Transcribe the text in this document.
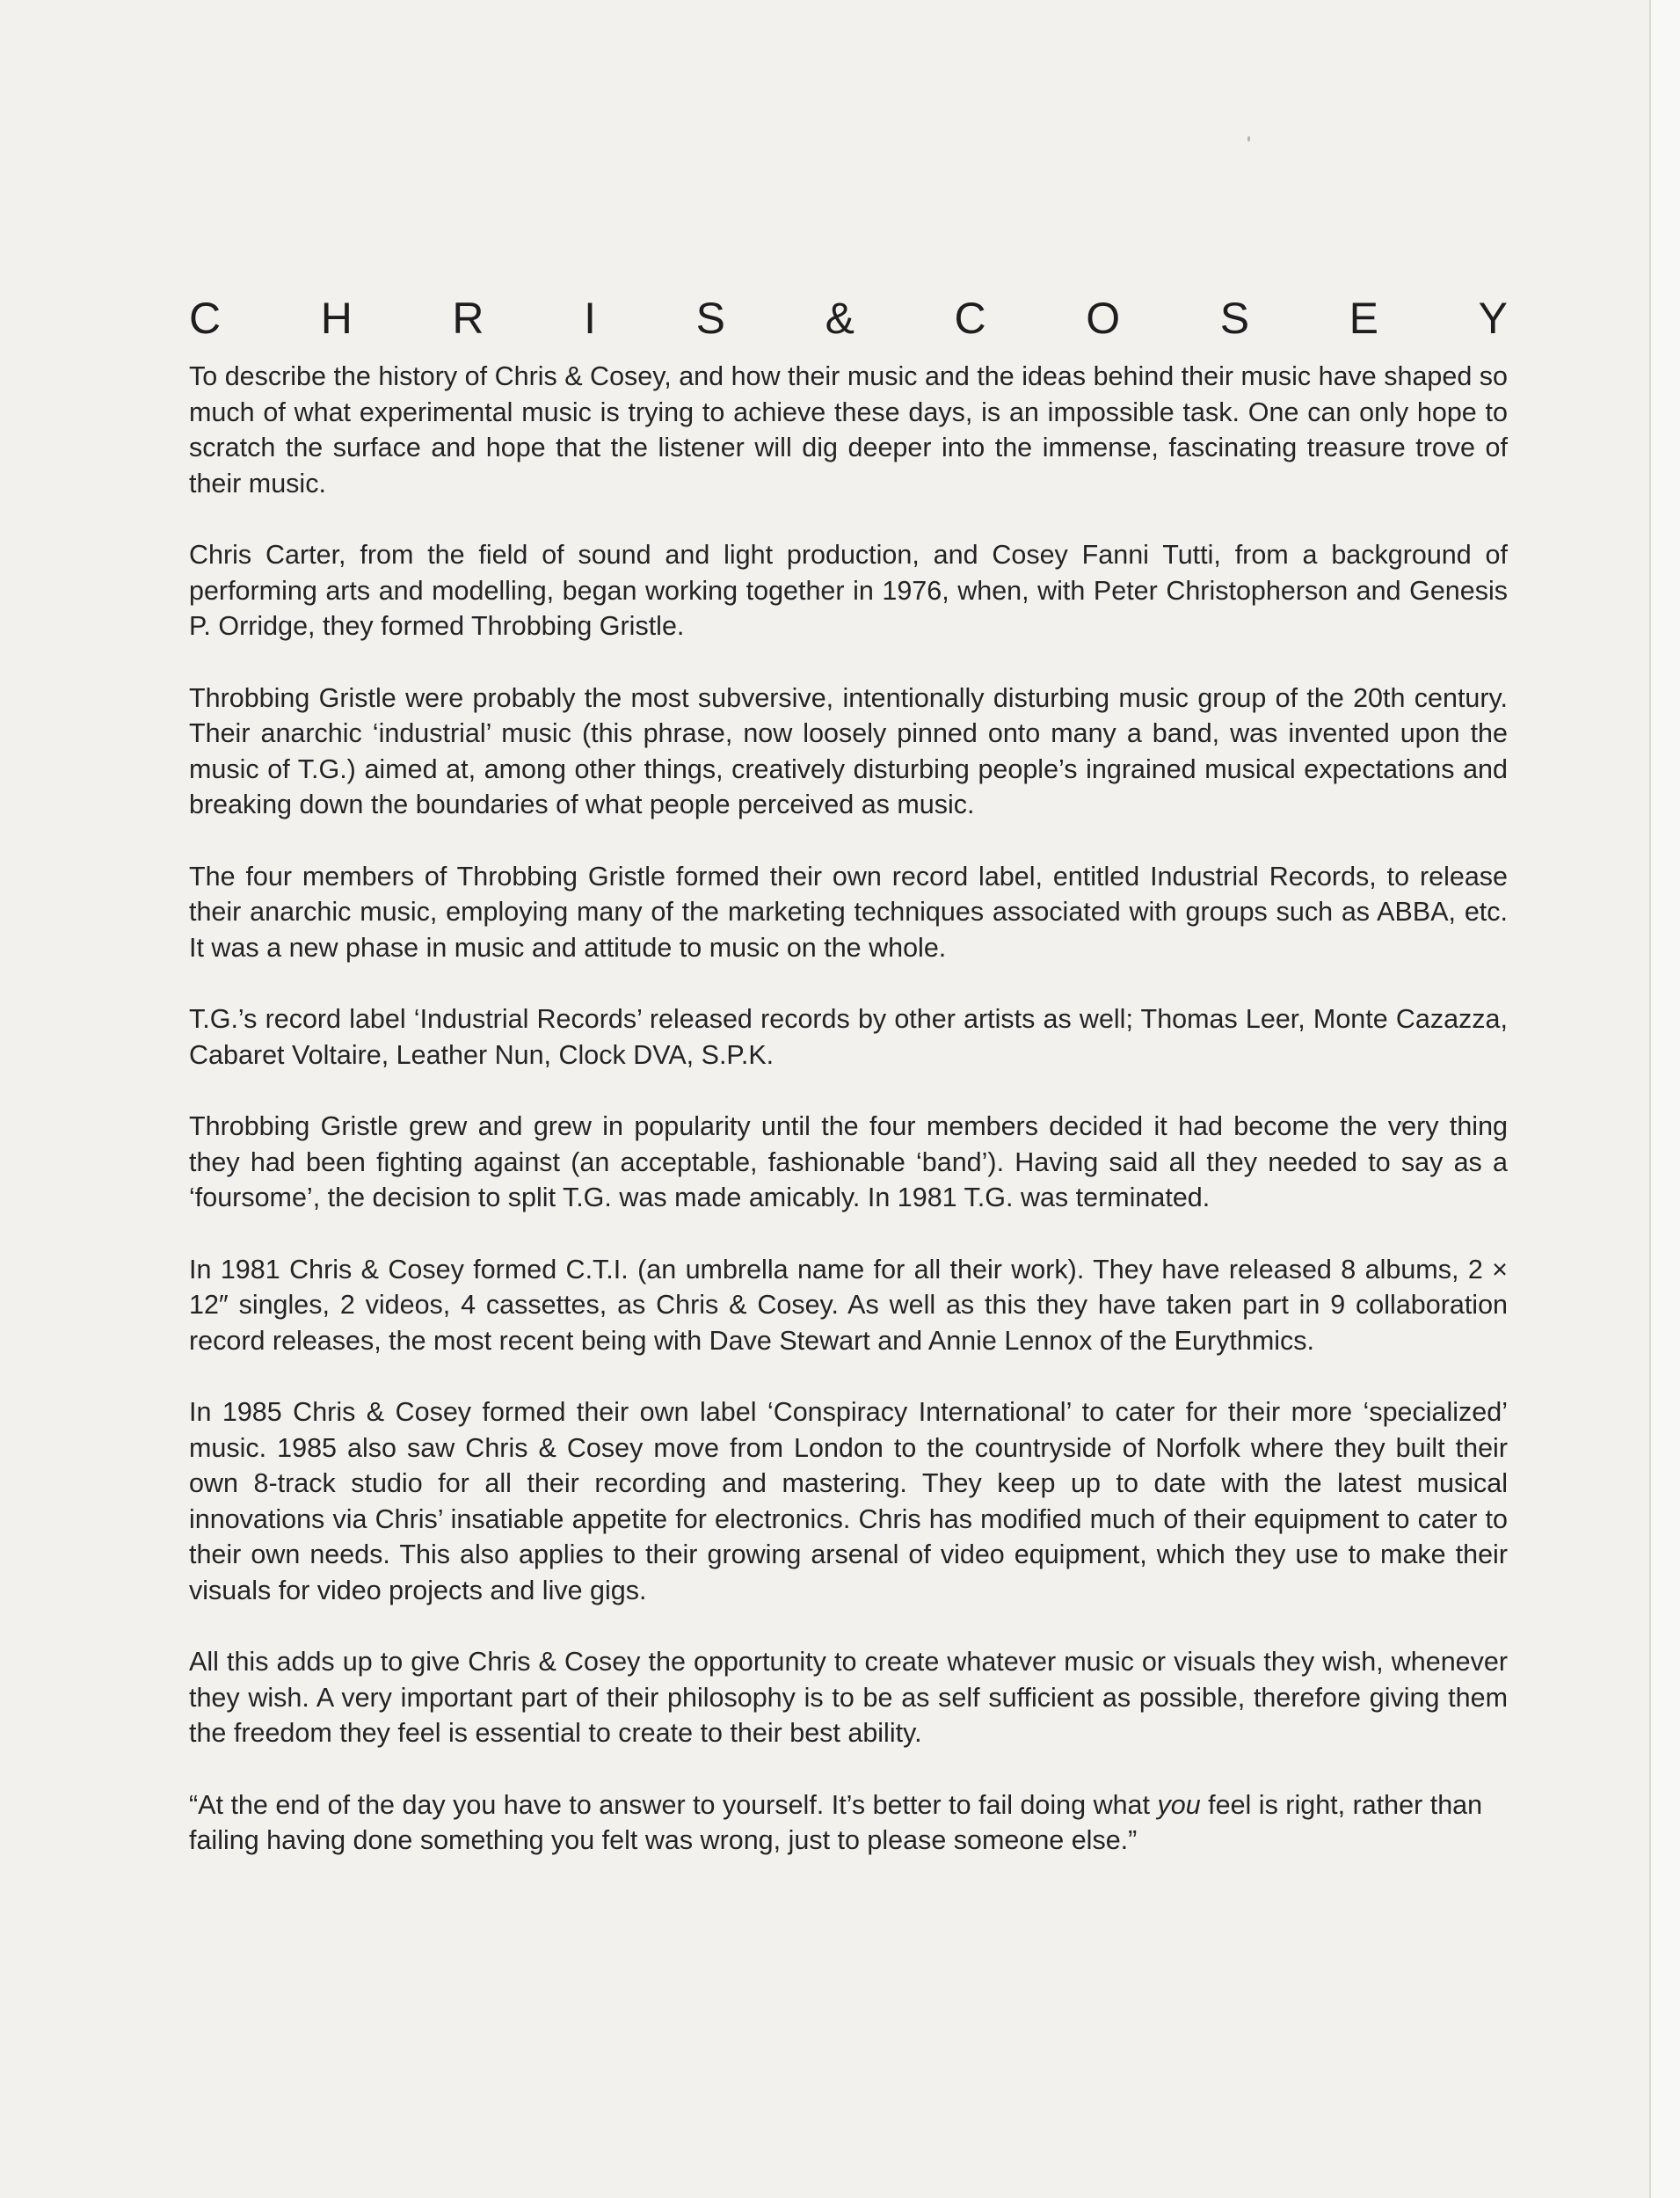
C H R I S & C O S E Y

To describe the history of Chris & Cosey, and how their music and the ideas behind their music have shaped so much of what experimental music is trying to achieve these days, is an impossible task. One can only hope to scratch the surface and hope that the listener will dig deeper into the immense, fascinating treasure trove of their music.

Chris Carter, from the field of sound and light production, and Cosey Fanni Tutti, from a background of performing arts and modelling, began working together in 1976, when, with Peter Christopherson and Genesis P. Orridge, they formed Throbbing Gristle.

Throbbing Gristle were probably the most subversive, intentionally disturbing music group of the 20th century. Their anarchic ‘industrial’ music (this phrase, now loosely pinned onto many a band, was invented upon the music of T.G.) aimed at, among other things, creatively disturbing people’s ingrained musical expectations and breaking down the boundaries of what people perceived as music.

The four members of Throbbing Gristle formed their own record label, entitled Industrial Records, to release their anarchic music, employing many of the marketing techniques associated with groups such as ABBA, etc. It was a new phase in music and attitude to music on the whole.

T.G.’s record label ‘Industrial Records’ released records by other artists as well; Thomas Leer, Monte Cazazza, Cabaret Voltaire, Leather Nun, Clock DVA, S.P.K.

Throbbing Gristle grew and grew in popularity until the four members decided it had become the very thing they had been fighting against (an acceptable, fashionable ‘band’). Having said all they needed to say as a ‘foursome’, the decision to split T.G. was made amicably. In 1981 T.G. was terminated.

In 1981 Chris & Cosey formed C.T.I. (an umbrella name for all their work). They have released 8 albums, 2 × 12″ singles, 2 videos, 4 cassettes, as Chris & Cosey. As well as this they have taken part in 9 collaboration record releases, the most recent being with Dave Stewart and Annie Lennox of the Eurythmics.

In 1985 Chris & Cosey formed their own label ‘Conspiracy International’ to cater for their more ‘specialized’ music. 1985 also saw Chris & Cosey move from London to the countryside of Norfolk where they built their own 8-track studio for all their recording and mastering. They keep up to date with the latest musical innovations via Chris’ insatiable appetite for electronics. Chris has modified much of their equipment to cater to their own needs. This also applies to their growing arsenal of video equipment, which they use to make their visuals for video projects and live gigs.

All this adds up to give Chris & Cosey the opportunity to create whatever music or visuals they wish, whenever they wish. A very important part of their philosophy is to be as self sufficient as possible, therefore giving them the freedom they feel is essential to create to their best ability.

“At the end of the day you have to answer to yourself. It’s better to fail doing what you feel is right, rather than failing having done something you felt was wrong, just to please someone else.”
